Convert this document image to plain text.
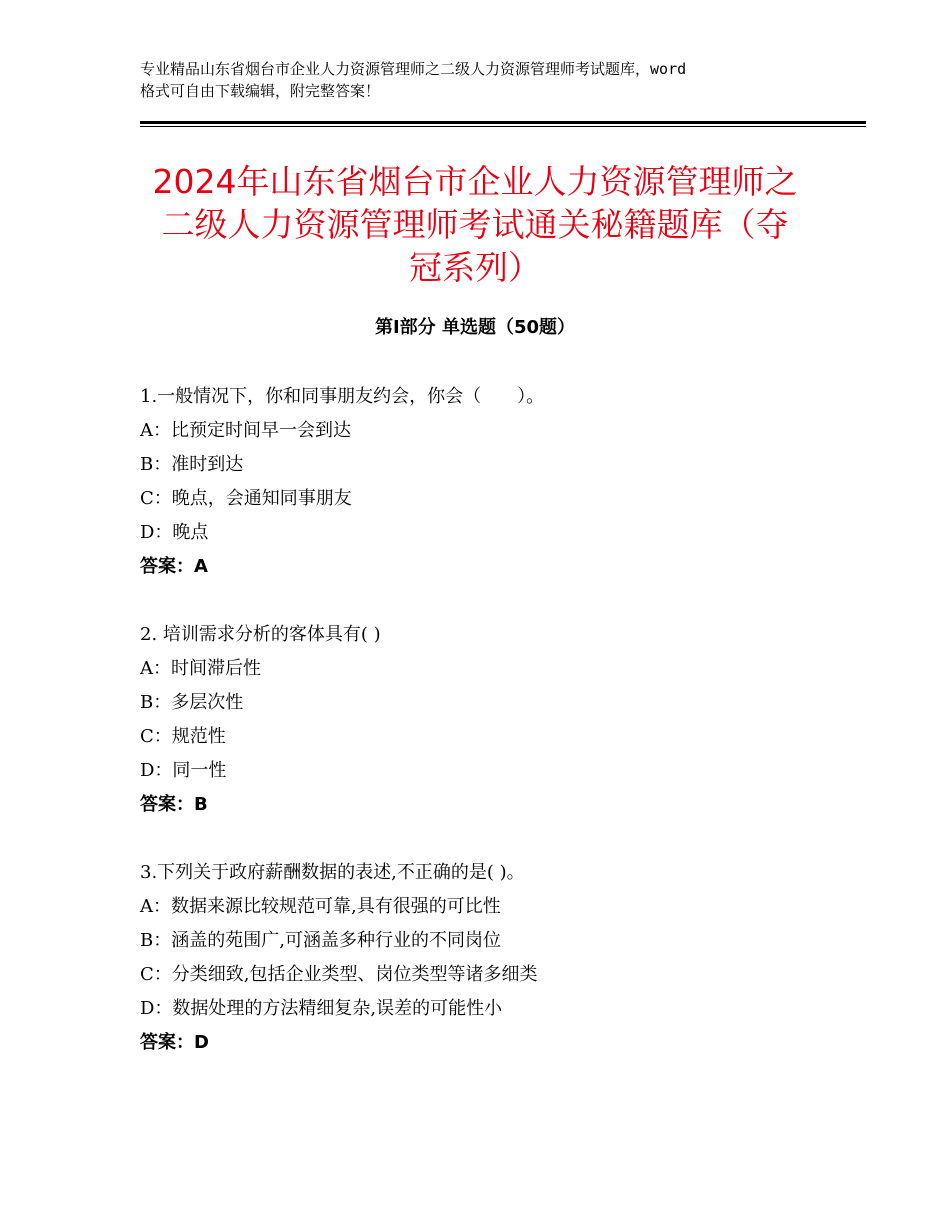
专业精品山东省烟台市企业人力资源管理师之二级人力资源管理师考试题库，word
格式可自由下载编辑，附完整答案！
2024年山东省烟台市企业人力资源管理师之
二级人力资源管理师考试通关秘籍题库（夺
冠系列）
第Ⅰ部分 单选题（50题）
1.一般情况下，你和同事朋友约会，你会（　　）。
A：比预定时间早一会到达
B：准时到达
C：晚点，会通知同事朋友
D：晚点
答案：A
2. 培训需求分析的客体具有( )
A：时间滞后性
B：多层次性
C：规范性
D：同一性
答案：B
3.下列关于政府薪酬数据的表述,不正确的是( )。
A：数据来源比较规范可靠,具有很强的可比性
B：涵盖的苑围广,可涵盖多种行业的不同岗位
C：分类细致,包括企业类型、岗位类型等诸多细类
D：数据处理的方法精细复杂,误差的可能性小
答案：D
